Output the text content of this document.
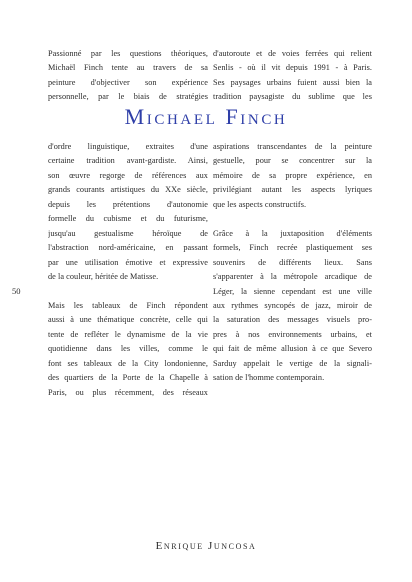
Passionné par les questions théoriques,
Michaël Finch tente au travers de sa
peinture d'objectiver son expérience
personnelle, par le biais de stratégies
d'autoroute et de voies ferrées qui relient
Senlis - où il vit depuis 1991 - à Paris.
Ses paysages urbains fuient aussi bien la
tradition paysagiste du sublime que les
Michael Finch
50
d'ordre linguistique, extraites d'une
certaine tradition avant-gardiste. Ainsi,
son œuvre regorge de références aux
grands courants artistiques du XXe siècle,
depuis les prétentions d'autonomie
formelle du cubisme et du futurisme,
jusqu'au gestualisme héroïque de
l'abstraction nord-américaine, en passant
par une utilisation émotive et expressive
de la couleur, héritée de Matisse.
Mais les tableaux de Finch répondent
aussi à une thématique concrète, celle qui
tente de refléter le dynamisme de la vie
quotidienne dans les villes, comme le
font ses tableaux de la City londonienne,
des quartiers de la Porte de la Chapelle à
Paris, ou plus récemment, des réseaux
aspirations transcendantes de la peinture
gestuelle, pour se concentrer sur la
mémoire de sa propre expérience, en
privilégiant autant les aspects lyriques
que les aspects constructifs.
Grâce à la juxtaposition d'éléments
formels, Finch recrée plastiquement ses
souvenirs de différents lieux. Sans
s'apparenter à la métropole arcadique de
Léger, la sienne cependant est une ville
aux rythmes syncopés de jazz, miroir de
la saturation des messages visuels pro-
pres à nos environnements urbains, et
qui fait de même allusion à ce que Severo
Sarduy appelait le vertige de la signali-
sation de l'homme contemporain.
Enrique Juncosa
